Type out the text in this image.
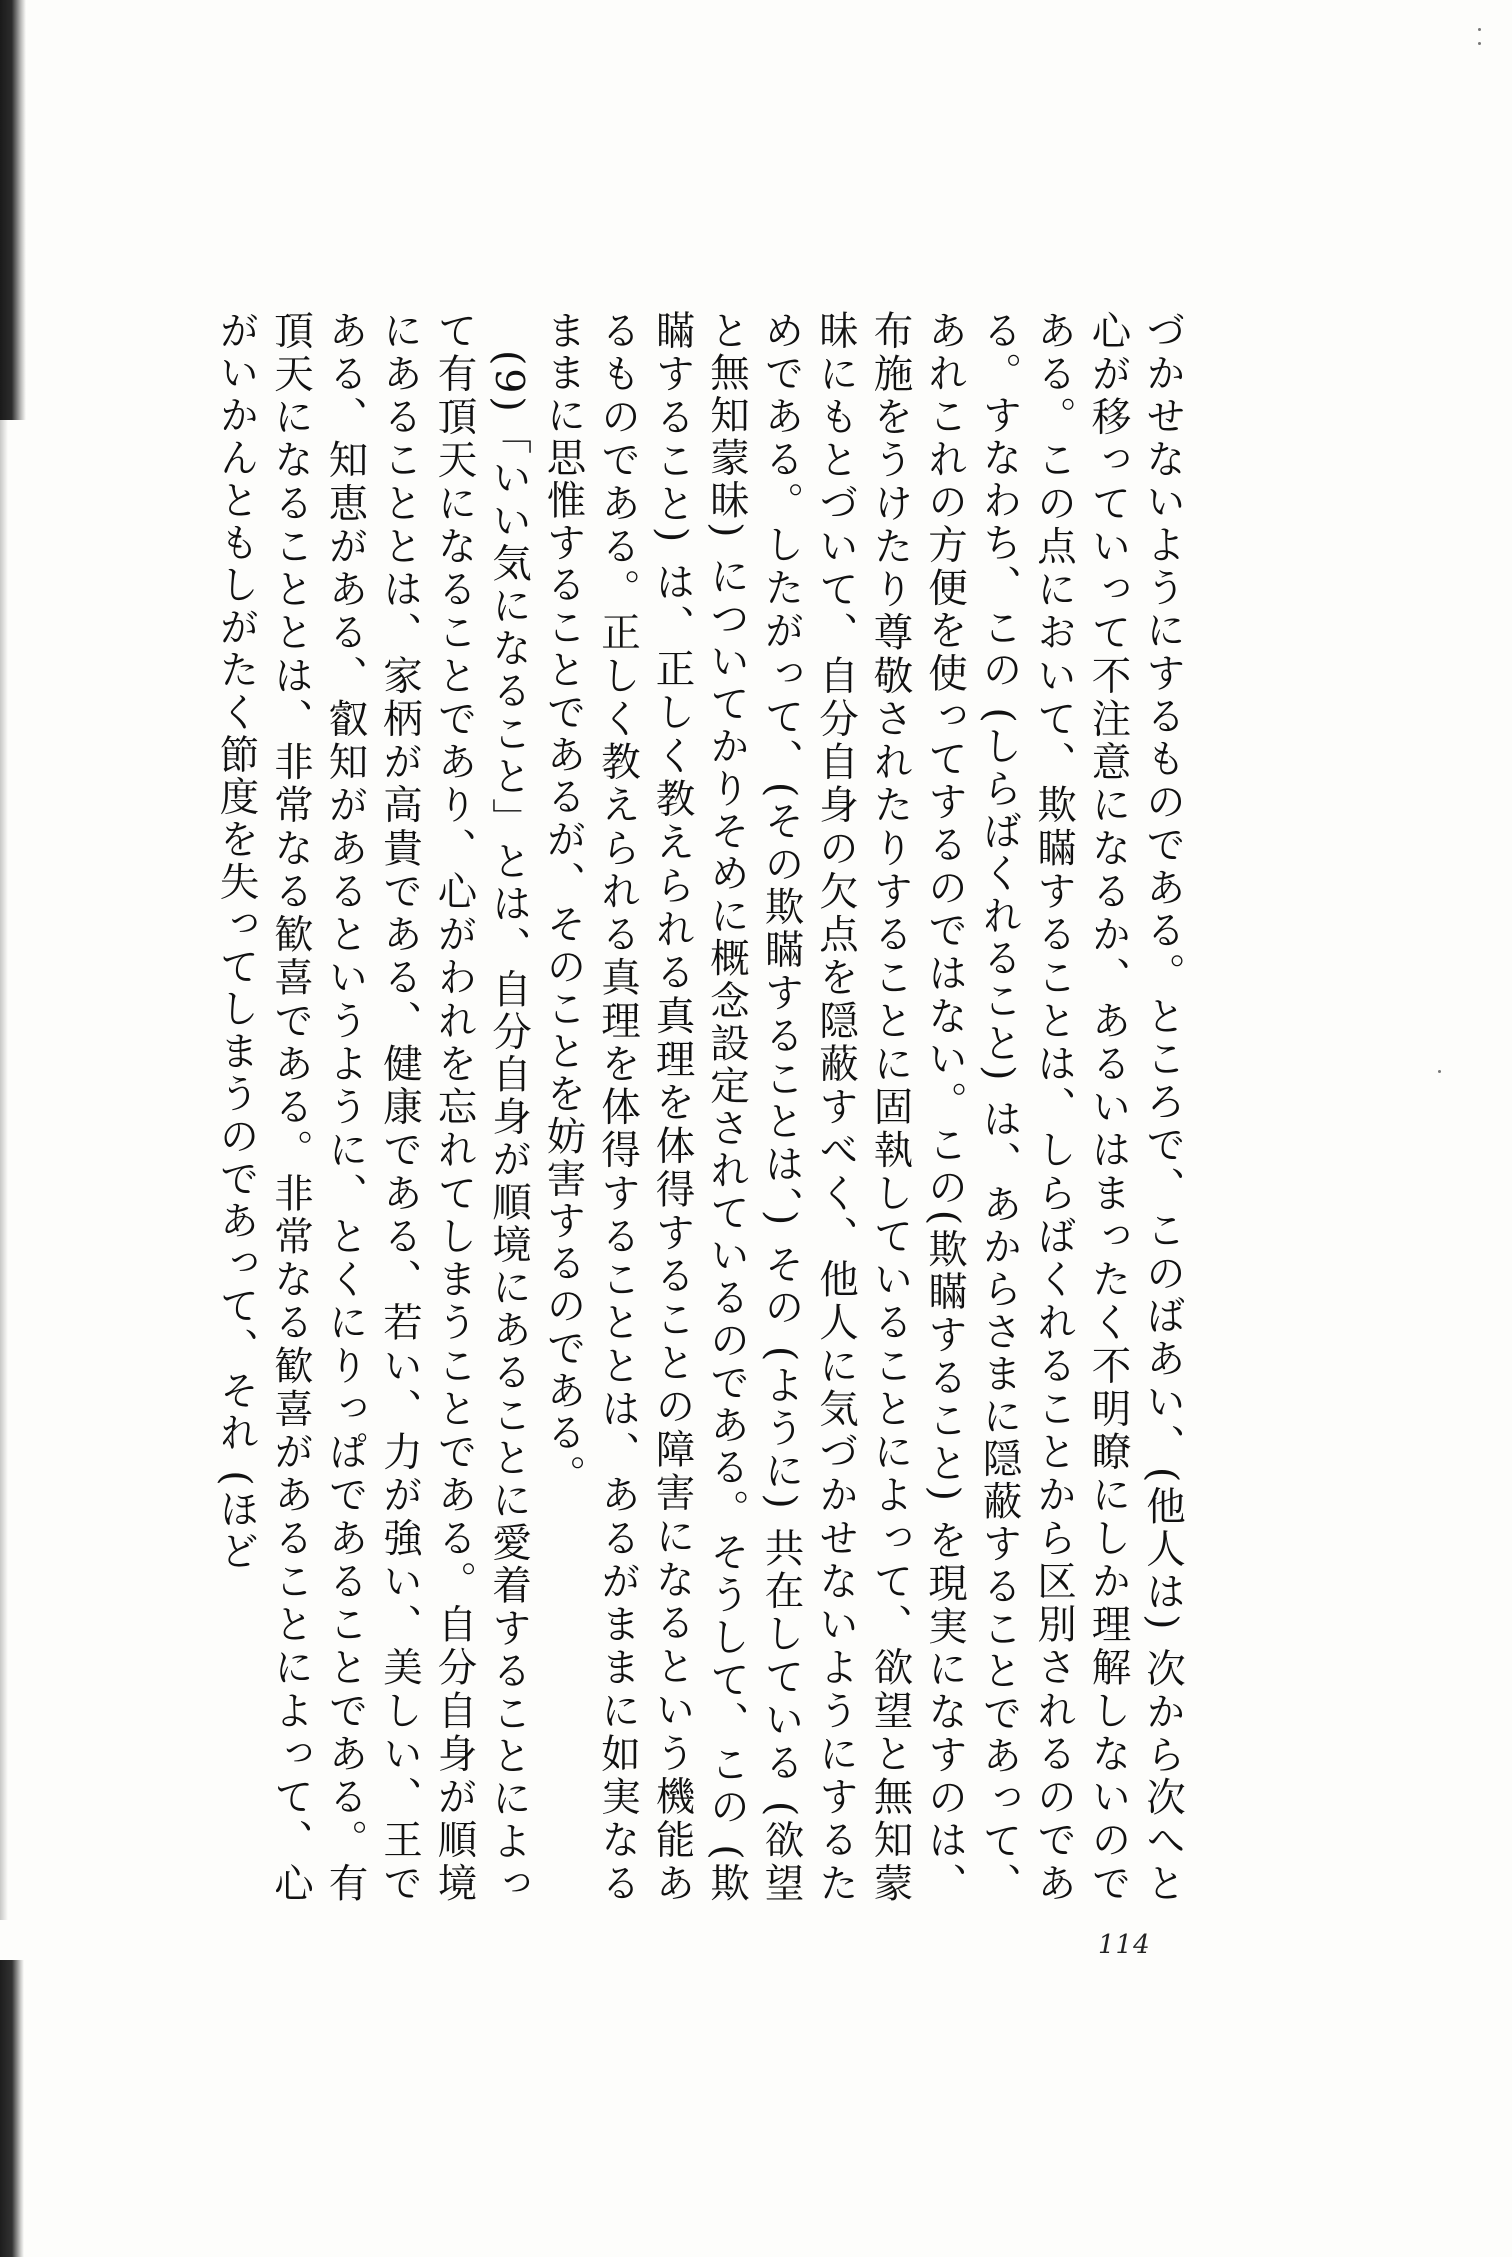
づかせないようにするものである。ところで、このばあい、(他人は) 次から次へと心が移っていって不注意になるか、あるいはまったく不明瞭にしか理解しないのである。この点において、欺瞞することは、しらばくれることから区別されるのである。すなわち、この (しらばくれること) は、あからさまに隠蔽することであって、あれこれの方便を使ってするのではない。この(欺瞞すること) を現実になすのは、布施をうけたり尊敬されたりすることに固執していることによって、欲望と無知蒙昧にもとづいて、自分自身の欠点を隠蔽すべく、他人に気づかせないようにするためである。したがって、(その欺瞞することは、) その (ように) 共在している (欲望と無知蒙昧) についてかりそめに概念設定されているのである。そうして、この (欺瞞すること) は、正しく教えられる真理を体得することの障害になるという機能あるものである。正しく教えられる真理を体得することとは、あるがままに如実なるままに思惟することであるが、そのことを妨害するのである。

(9)「いい気になること」とは、自分自身が順境にあることに愛着することによって有頂天になることであり、心がわれを忘れてしまうことである。自分自身が順境にあることとは、家柄が高貴である、健康である、若い、力が強い、美しい、王である、知恵がある、叡知があるというように、とくにりっぱであることである。有頂天になることとは、非常なる歓喜である。非常なる歓喜があることによって、心がいかんともしがたく節度を失ってしまうのであって、それ (ほど

114
